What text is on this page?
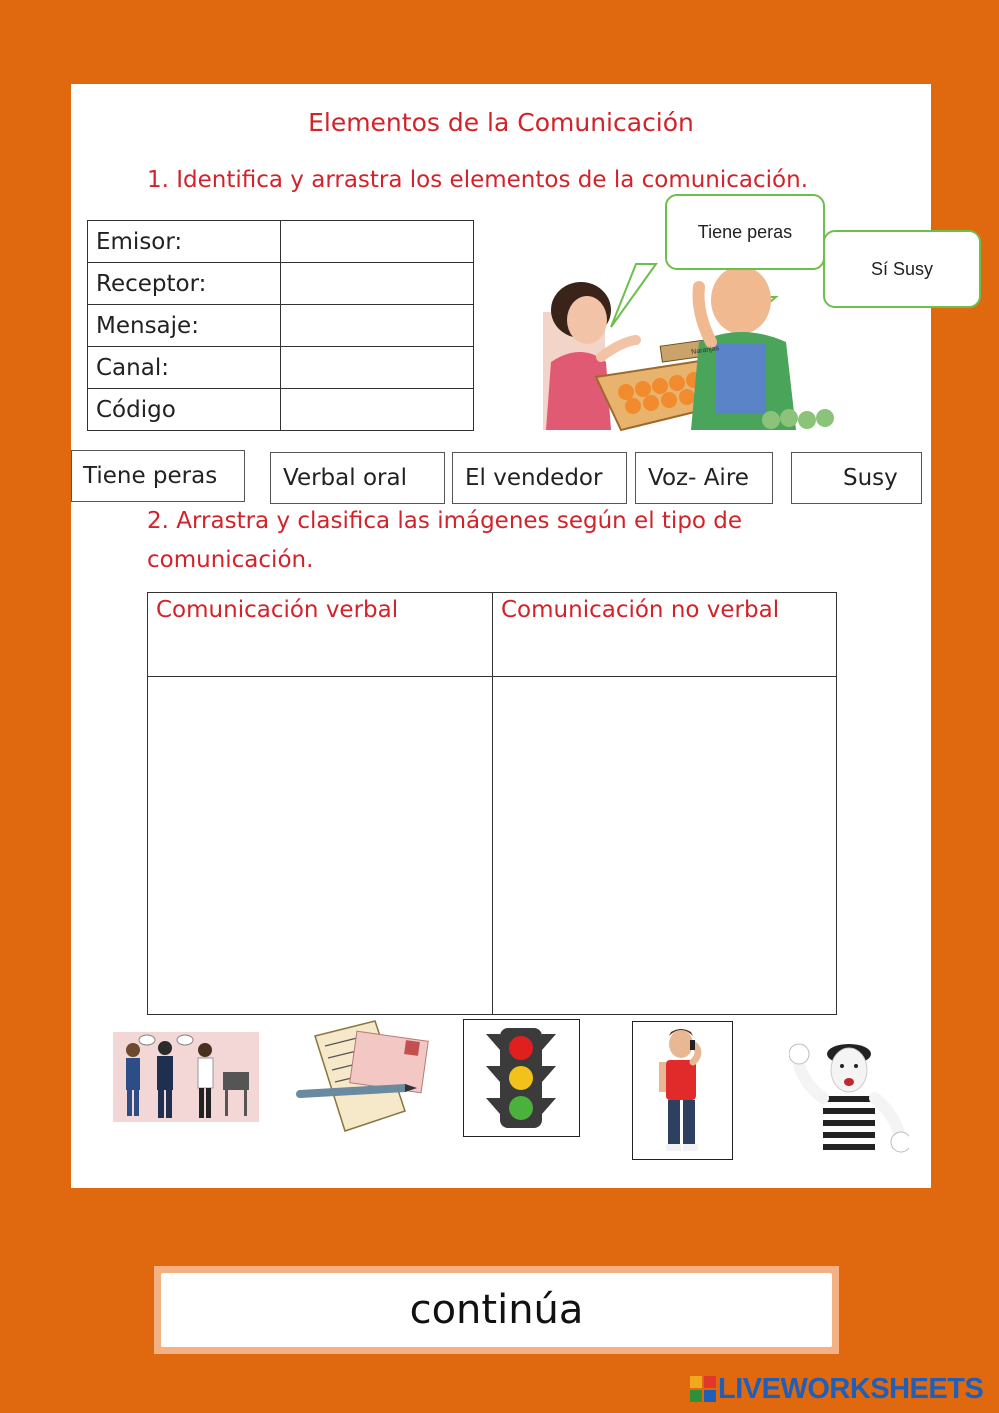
Elementos de la Comunicación
1. Identifica y arrastra los elementos de la comunicación.
Emisor:	
Receptor:	
Mensaje:	
Canal:	
Código	
Naranjas
Tiene peras
Sí Susy
Tiene peras	Verbal oral	El vendedor	Voz- Aire	Susy
2. Arrastra y clasifica las imágenes según el tipo de comunicación.
Comunicación verbal	Comunicación no verbal
continúa
LIVEWORKSHEETS
